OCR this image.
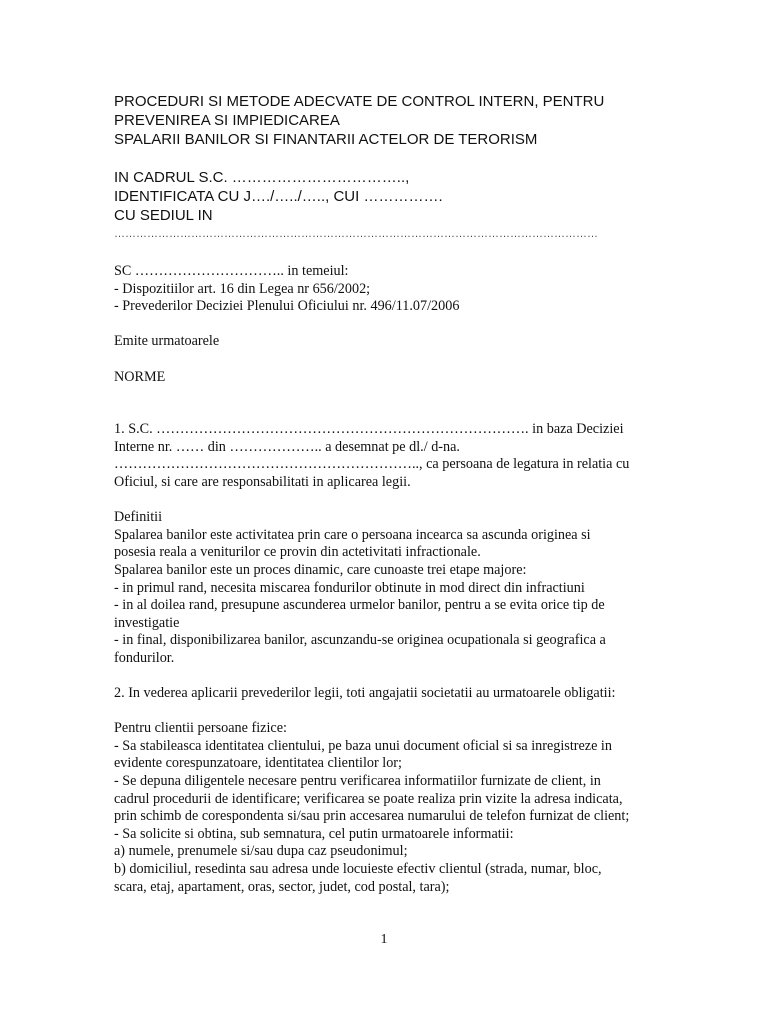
PROCEDURI SI METODE ADECVATE DE CONTROL INTERN, PENTRU
PREVENIREA SI IMPIEDICAREA
SPALARII BANILOR SI FINANTARII ACTELOR DE TERORISM
IN CADRUL S.C. ……………………………..,
IDENTIFICATA CU J…./…../….., CUI …………….
CU SEDIUL IN
……………………………………………………………………………………………………………………

SC ………………………….. in temeiul:

- Dispozitiilor art. 16 din Legea nr 656/2002;

- Prevederilor Deciziei Plenului Oficiului nr. 496/11.07/2006

Emite urmatoarele

NORME

1. S.C. ……………………………………………………………………. in baza Deciziei

Interne nr. …… din ……………….. a desemnat pe dl./ d-na.

……………………………………………………….., ca persoana de legatura in relatia cu

Oficiul, si care are responsabilitati in aplicarea legii.

Definitii

Spalarea banilor este activitatea prin care o persoana incearca sa ascunda originea si

posesia reala a veniturilor ce provin din actetivitati infractionale.

Spalarea banilor este un proces dinamic, care cunoaste trei etape majore:

- in primul rand, necesita miscarea fondurilor obtinute in mod direct din infractiuni

- in al doilea rand, presupune ascunderea urmelor banilor, pentru a se evita orice tip de

investigatie

- in final, disponibilizarea banilor, ascunzandu-se originea ocupationala si geografica a

fondurilor.

2. In vederea aplicarii prevederilor legii, toti angajatii societatii au urmatoarele obligatii:

Pentru clientii persoane fizice:

- Sa stabileasca identitatea clientului, pe baza unui document oficial si sa inregistreze in

evidente corespunzatoare, identitatea clientilor lor;

- Se depuna diligentele necesare pentru verificarea informatiilor furnizate de client, in

cadrul procedurii de identificare; verificarea se poate realiza prin vizite la adresa indicata,

prin schimb de corespondenta si/sau prin accesarea numarului de telefon furnizat de client;

- Sa solicite si obtina, sub semnatura, cel putin urmatoarele informatii:

a) numele, prenumele si/sau dupa caz pseudonimul;

b) domiciliul, resedinta sau adresa unde locuieste efectiv clientul (strada, numar, bloc,

scara, etaj, apartament, oras, sector, judet, cod postal, tara);

1
